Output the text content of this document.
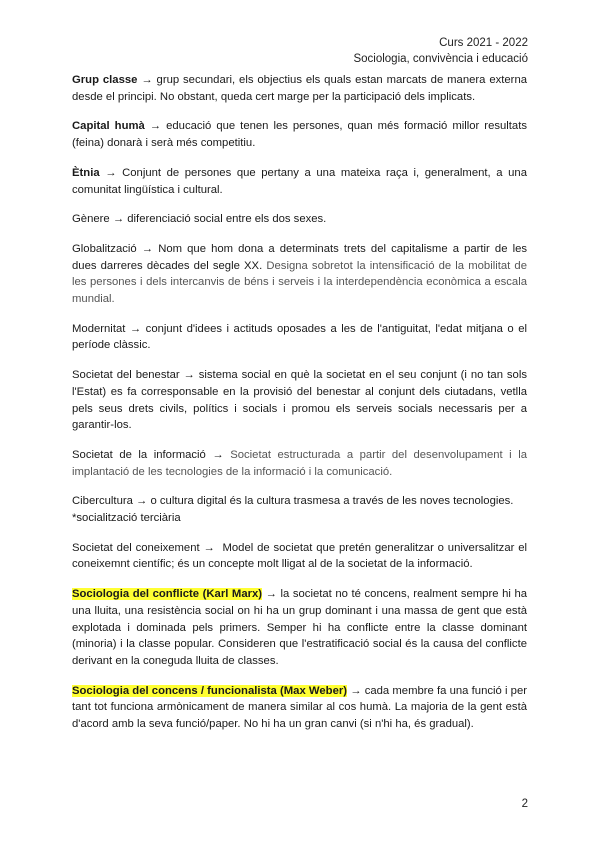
Curs 2021 - 2022
Sociologia, convivència i educació

Grup classe → grup secundari, els objectius els quals estan marcats de manera externa desde el principi. No obstant, queda cert marge per la participació dels implicats.

Capital humà → educació que tenen les persones, quan més formació millor resultats (feina) donarà i serà més competitiu.

Ètnia → Conjunt de persones que pertany a una mateixa raça i, generalment, a una comunitat lingüística i cultural.

Gènere → diferenciació social entre els dos sexes.

Globalització → Nom que hom dona a determinats trets del capitalisme a partir de les dues darreres dècades del segle XX. Designa sobretot la intensificació de la mobilitat de les persones i dels intercanvis de béns i serveis i la interdependència econòmica a escala mundial.

Modernitat → conjunt d'idees i actituds oposades a les de l'antiguitat, l'edat mitjana o el període clàssic.

Societat del benestar → sistema social en què la societat en el seu conjunt (i no tan sols l'Estat) es fa corresponsable en la provisió del benestar al conjunt dels ciutadans, vetlla pels seus drets civils, polítics i socials i promou els serveis socials necessaris per a garantir-los.

Societat de la informació → Societat estructurada a partir del desenvolupament i la implantació de les tecnologies de la informació i la comunicació.

Cibercultura → o cultura digital és la cultura trasmesa a través de les noves tecnologies.
*socialització terciària

Societat del coneixement →  Model de societat que pretén generalitzar o universalitzar el coneixemnt científic; és un concepte molt lligat al de la societat de la informació.

Sociologia del conflicte (Karl Marx) → la societat no té concens, realment sempre hi ha una lluita, una resistència social on hi ha un grup dominant i una massa de gent que està explotada i dominada pels primers. Semper hi ha conflicte entre la classe dominant (minoria) i la classe popular. Consideren que l'estratificació social és la causa del conflicte derivant en la coneguda lluita de classes.

Sociologia del concens / funcionalista (Max Weber) → cada membre fa una funció i per tant tot funciona armònicament de manera similar al cos humà. La majoria de la gent està d'acord amb la seva funció/paper. No hi ha un gran canvi (si n'hi ha, és gradual).

2
